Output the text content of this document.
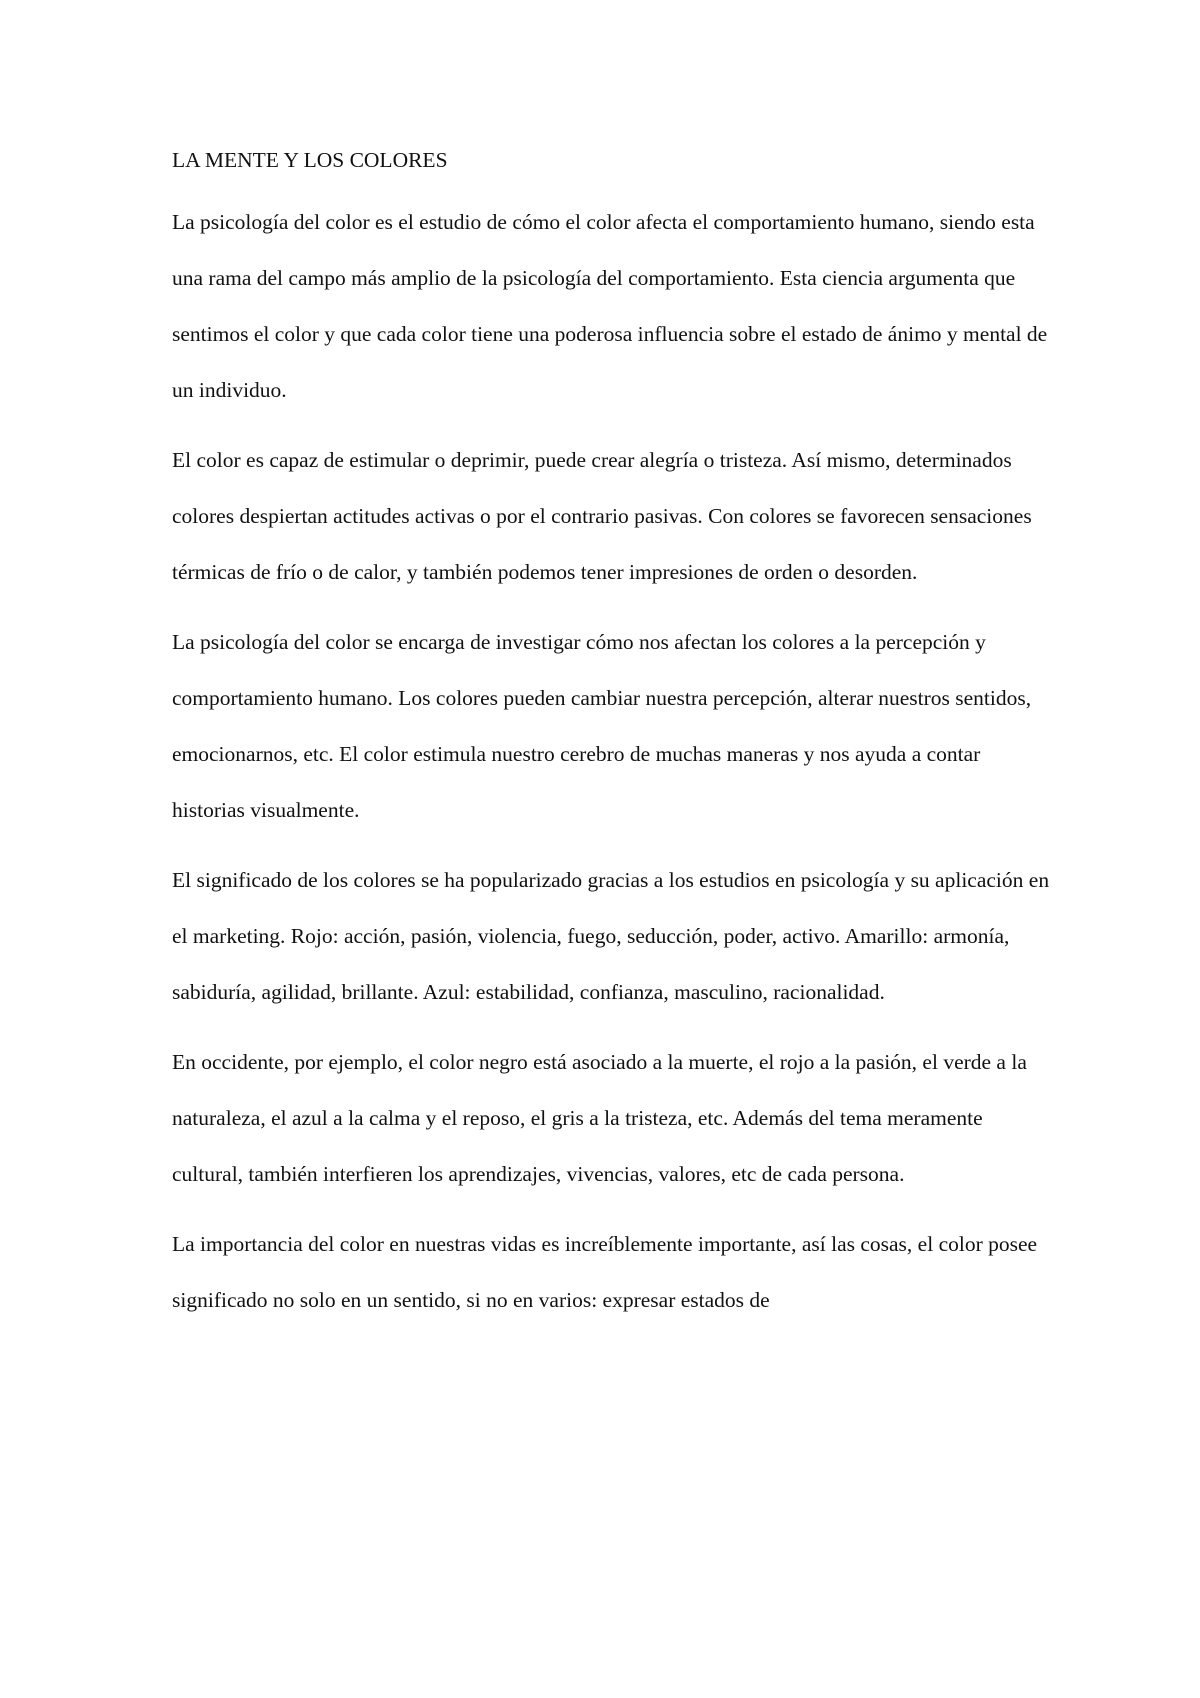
LA MENTE Y LOS COLORES

La psicología del color es el estudio de cómo el color afecta el comportamiento humano, siendo esta una rama del campo más amplio de la psicología del comportamiento. Esta ciencia argumenta que sentimos el color y que cada color tiene una poderosa influencia sobre el estado de ánimo y mental de un individuo.

El color es capaz de estimular o deprimir, puede crear alegría o tristeza. Así mismo, determinados colores despiertan actitudes activas o por el contrario pasivas. Con colores se favorecen sensaciones térmicas de frío o de calor, y también podemos tener impresiones de orden o desorden.

La psicología del color se encarga de investigar cómo nos afectan los colores a la percepción y comportamiento humano. Los colores pueden cambiar nuestra percepción, alterar nuestros sentidos, emocionarnos, etc. El color estimula nuestro cerebro de muchas maneras y nos ayuda a contar historias visualmente.

El significado de los colores se ha popularizado gracias a los estudios en psicología y su aplicación en el marketing. Rojo: acción, pasión, violencia, fuego, seducción, poder, activo. Amarillo: armonía, sabiduría, agilidad, brillante. Azul: estabilidad, confianza, masculino, racionalidad.

En occidente, por ejemplo, el color negro está asociado a la muerte, el rojo a la pasión, el verde a la naturaleza, el azul a la calma y el reposo, el gris a la tristeza, etc. Además del tema meramente cultural, también interfieren los aprendizajes, vivencias, valores, etc de cada persona.

La importancia del color en nuestras vidas es increíblemente importante, así las cosas, el color posee significado no solo en un sentido, si no en varios: expresar estados de
